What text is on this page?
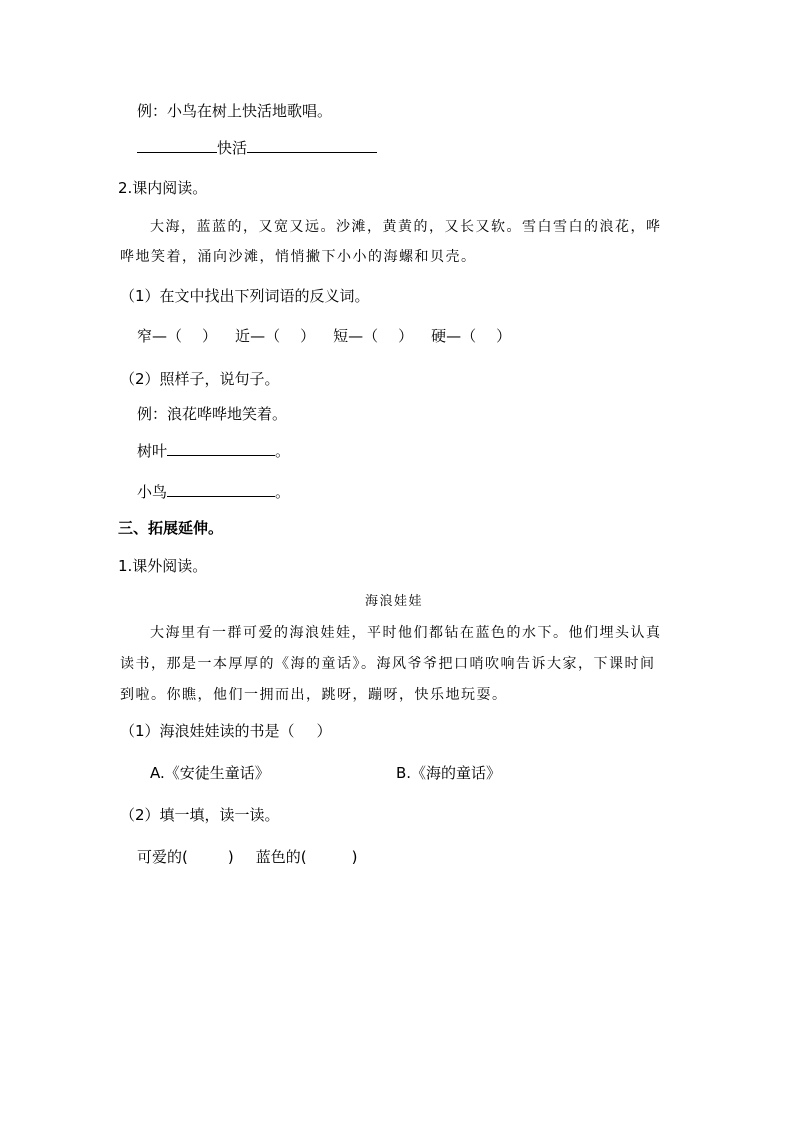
例：小鸟在树上快活地歌唱。
快活
2.课内阅读。
大海，蓝蓝的，又宽又远。沙滩，黄黄的，又长又软。雪白雪白的浪花，哗
哗地笑着，涌向沙滩，悄悄撇下小小的海螺和贝壳。
（1）在文中找出下列词语的反义词。
窄—（ ） 近—（ ） 短—（ ） 硬—（ ）
（2）照样子，说句子。
例：浪花哗哗地笑着。
树叶	。
小鸟	。
三、拓展延伸。
1.课外阅读。
海浪娃娃
大海里有一群可爱的海浪娃娃，平时他们都钻在蓝色的水下。他们埋头认真
读书，那是一本厚厚的《海的童话》。海风爷爷把口哨吹响告诉大家，下课时间
到啦。你瞧，他们一拥而出，跳呀，蹦呀，快乐地玩耍。
（1）海浪娃娃读的书是（ ）
A.《安徒生童话》	B.《海的童话》
（2）填一填，读一读。
可爱的(	) 蓝色的(	)
